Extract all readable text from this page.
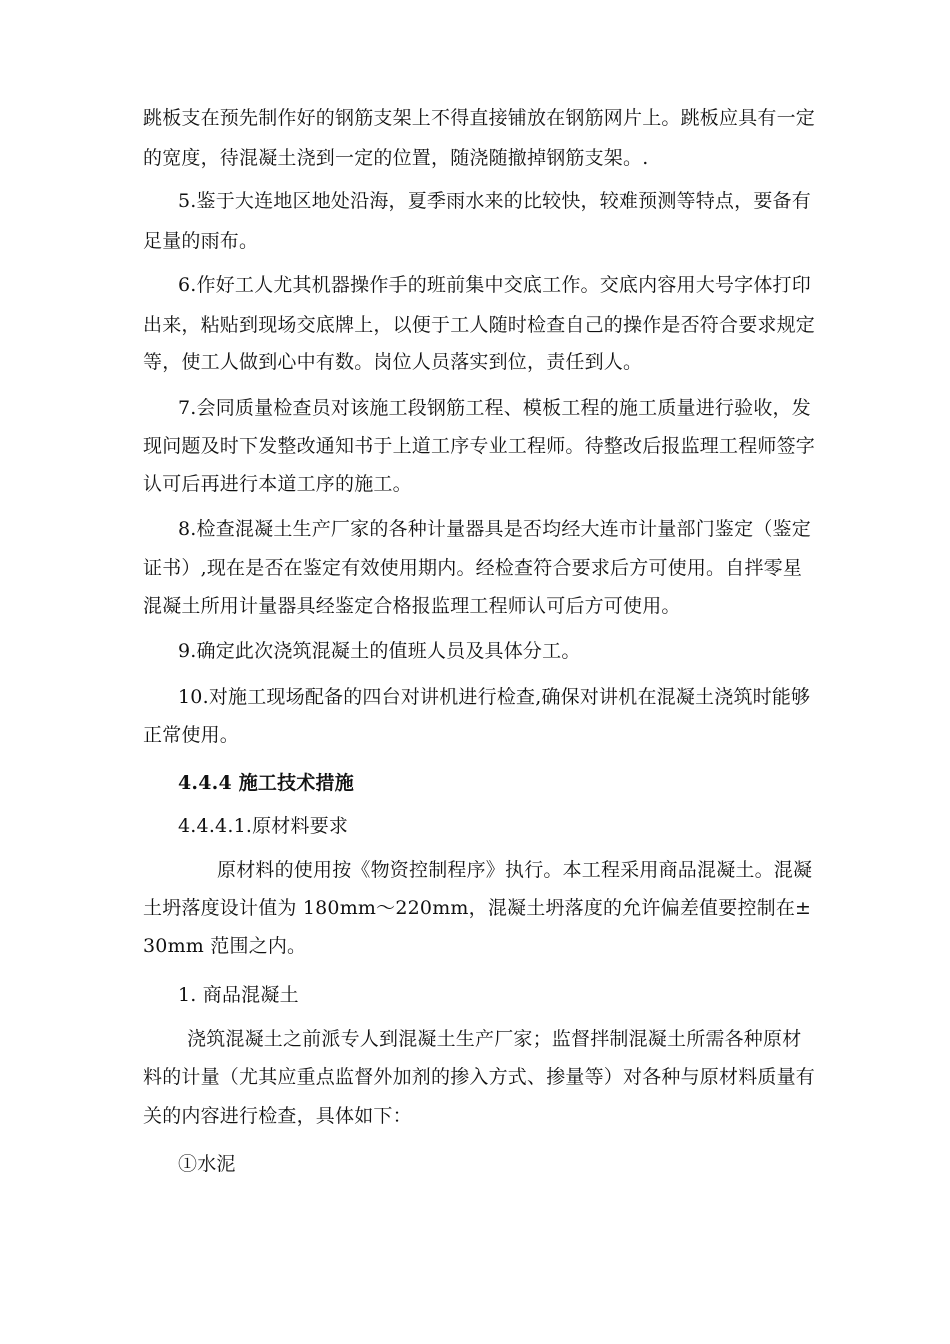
跳板支在预先制作好的钢筋支架上不得直接铺放在钢筋网片上。跳板应具有一定
的宽度，待混凝土浇到一定的位置，随浇随撤掉钢筋支架。.
5.鉴于大连地区地处沿海，夏季雨水来的比较快，较难预测等特点，要备有
足量的雨布。
6.作好工人尤其机器操作手的班前集中交底工作。交底内容用大号字体打印
出来，粘贴到现场交底牌上，以便于工人随时检查自己的操作是否符合要求规定
等，使工人做到心中有数。岗位人员落实到位，责任到人。
7.会同质量检查员对该施工段钢筋工程、模板工程的施工质量进行验收，发
现问题及时下发整改通知书于上道工序专业工程师。待整改后报监理工程师签字
认可后再进行本道工序的施工。
8.检查混凝土生产厂家的各种计量器具是否均经大连市计量部门鉴定（鉴定
证书）,现在是否在鉴定有效使用期内。经检查符合要求后方可使用。自拌零星
混凝土所用计量器具经鉴定合格报监理工程师认可后方可使用。
9.确定此次浇筑混凝土的值班人员及具体分工。
10.对施工现场配备的四台对讲机进行检查,确保对讲机在混凝土浇筑时能够
正常使用。
4.4.4 施工技术措施
4.4.4.1.原材料要求
原材料的使用按《物资控制程序》执行。本工程采用商品混凝土。混凝
土坍落度设计值为 180mm～220mm，混凝土坍落度的允许偏差值要控制在±
30mm 范围之内。
1. 商品混凝土
浇筑混凝土之前派专人到混凝土生产厂家；监督拌制混凝土所需各种原材
料的计量（尤其应重点监督外加剂的掺入方式、掺量等）对各种与原材料质量有
关的内容进行检查，具体如下：
①水泥
